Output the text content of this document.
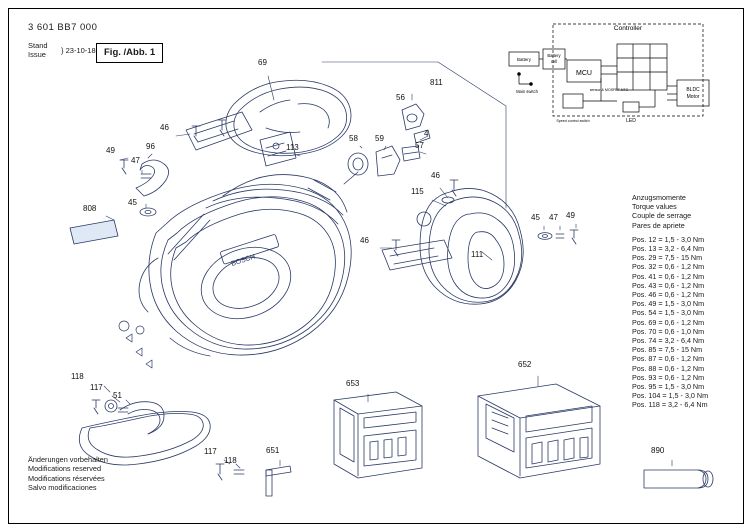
3 601 BB7 000
Stand
Issue } 23-10-18 Fig. /Abb. 1
Controller
Battery
Battery
cell
MCU
Main switch	sensor & MOSFET NTC	BLDC
Motor
LED
Speed control switch
BOSCH
69
811
56
46
4
58 59
57
113
49	96
47
46
45
115
808
45 47 49
46
111
118
117
51
652
653
117
118
651	890
Anzugsmomente
Torque values
Couple de serrage
Pares de apriete
Pos. 12 = 1,5 - 3,0 Nm
Pos. 13 = 3,2 - 6,4 Nm
Pos. 29 = 7,5 - 15 Nm
Pos. 32 = 0,6 - 1,2 Nm
Pos. 41 = 0,6 - 1,2 Nm
Pos. 43 = 0,6 - 1,2 Nm
Pos. 46 = 0,6 - 1,2 Nm
Pos. 49 = 1,5 - 3,0 Nm
Pos. 54 = 1,5 - 3,0 Nm
Pos. 69 = 0,6 - 1,2 Nm
Pos. 70 = 0,6 - 1,0 Nm
Pos. 74 = 3,2 - 6,4 Nm
Pos. 85 = 7,5 - 15 Nm
Pos. 87 = 0,6 - 1,2 Nm
Pos. 88 = 0,6 - 1,2 Nm
Pos. 93 = 0,6 - 1,2 Nm
Pos. 95 = 1,5 - 3,0 Nm
Pos. 104 = 1,5 - 3,0 Nm
Pos. 118 = 3,2 - 6,4 Nm
Änderungen vorbehalten
Modifications reserved
Modifications réservées
Salvo modificaciones
